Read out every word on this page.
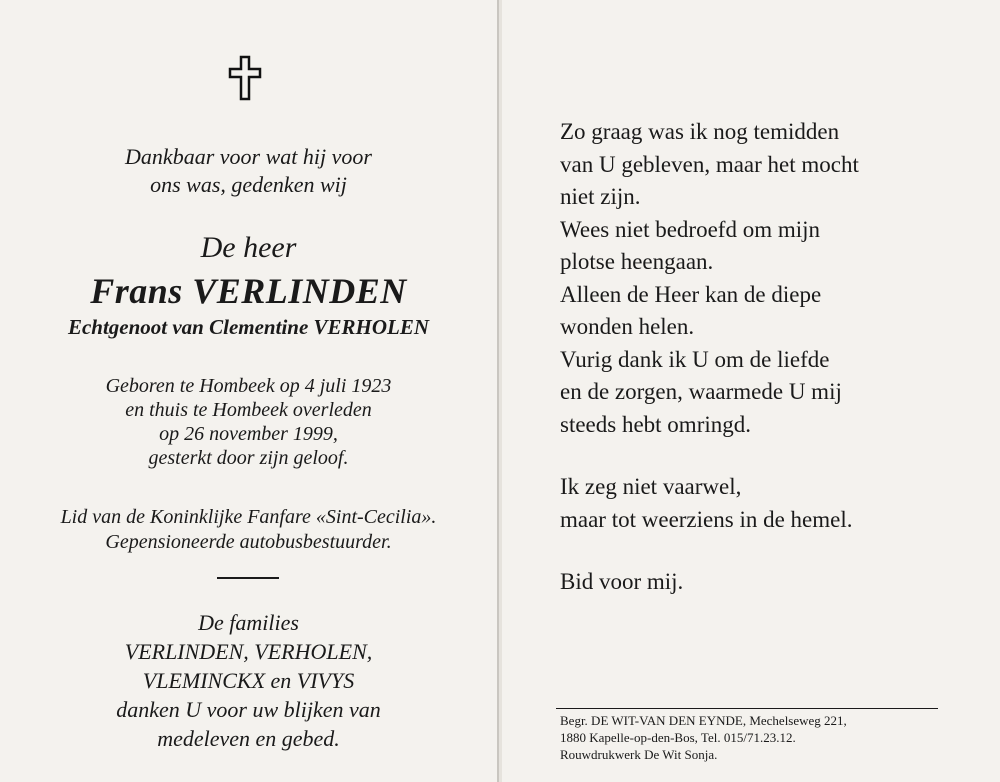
Dankbaar voor wat hij voor
ons was, gedenken wij
De heer
Frans VERLINDEN
Echtgenoot van Clementine VERHOLEN
Geboren te Hombeek op 4 juli 1923
en thuis te Hombeek overleden
op 26 november 1999,
gesterkt door zijn geloof.
Lid van de Koninklijke Fanfare «Sint-Cecilia».
Gepensioneerde autobusbestuurder.
De families
VERLINDEN, VERHOLEN,
VLEMINCKX en VIVYS
danken U voor uw blijken van
medeleven en gebed.
Zo graag was ik nog temidden
van U gebleven, maar het mocht
niet zijn.
Wees niet bedroefd om mijn
plotse heengaan.
Alleen de Heer kan de diepe
wonden helen.
Vurig dank ik U om de liefde
en de zorgen, waarmede U mij
steeds hebt omringd.
Ik zeg niet vaarwel,
maar tot weerziens in de hemel.
Bid voor mij.
Begr. DE WIT-VAN DEN EYNDE, Mechelseweg 221,
1880 Kapelle-op-den-Bos, Tel. 015/71.23.12.
Rouwdrukwerk De Wit Sonja.
